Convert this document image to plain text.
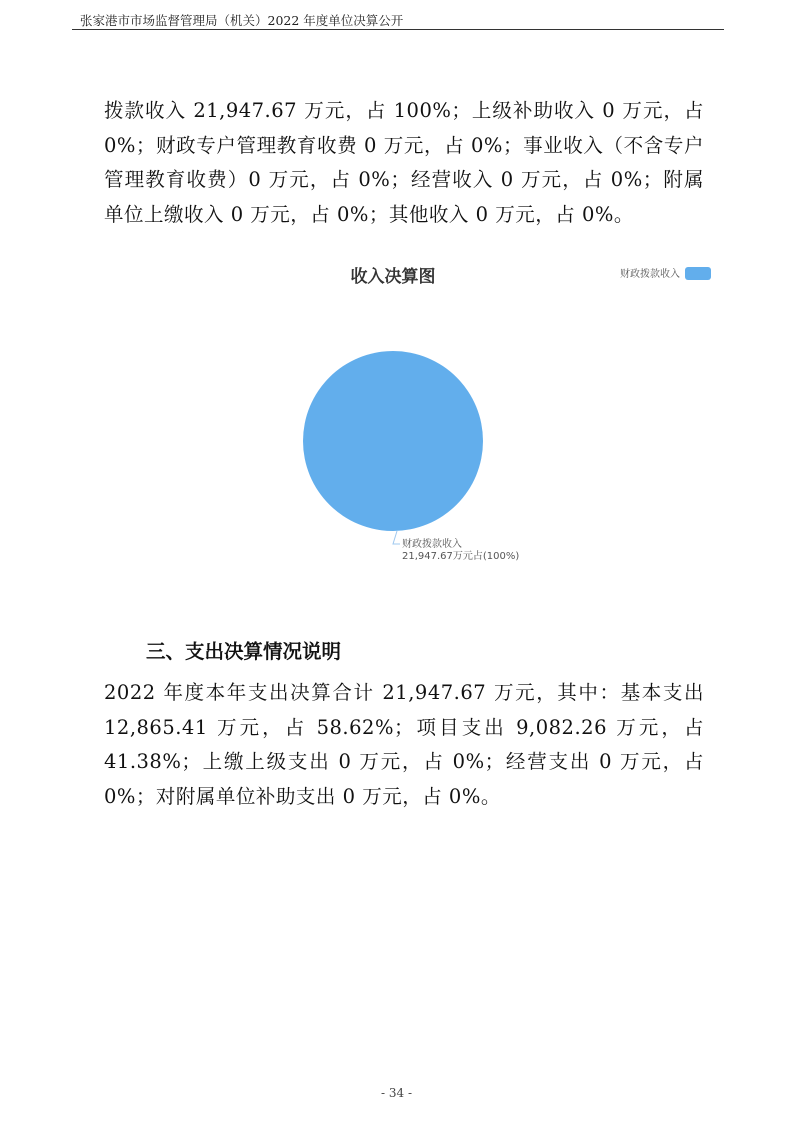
张家港市市场监督管理局（机关）2022 年度单位决算公开

拨款收入 21,947.67 万元，占 100%；上级补助收入 0 万元，占 0%；财政专户管理教育收费 0 万元，占 0%；事业收入（不含专户管理教育收费）0 万元，占 0%；经营收入 0 万元，占 0%；附属单位上缴收入 0 万元，占 0%；其他收入 0 万元，占 0%。

收入决算图	财政拨款收入
财政拨款收入
21,947.67万元占(100%)
三、支出决算情况说明

2022 年度本年支出决算合计 21,947.67 万元，其中：基本支出 12,865.41 万元，占 58.62%；项目支出 9,082.26 万元，占 41.38%；上缴上级支出 0 万元，占 0%；经营支出 0 万元，占 0%；对附属单位补助支出 0 万元，占 0%。

- 34 -
